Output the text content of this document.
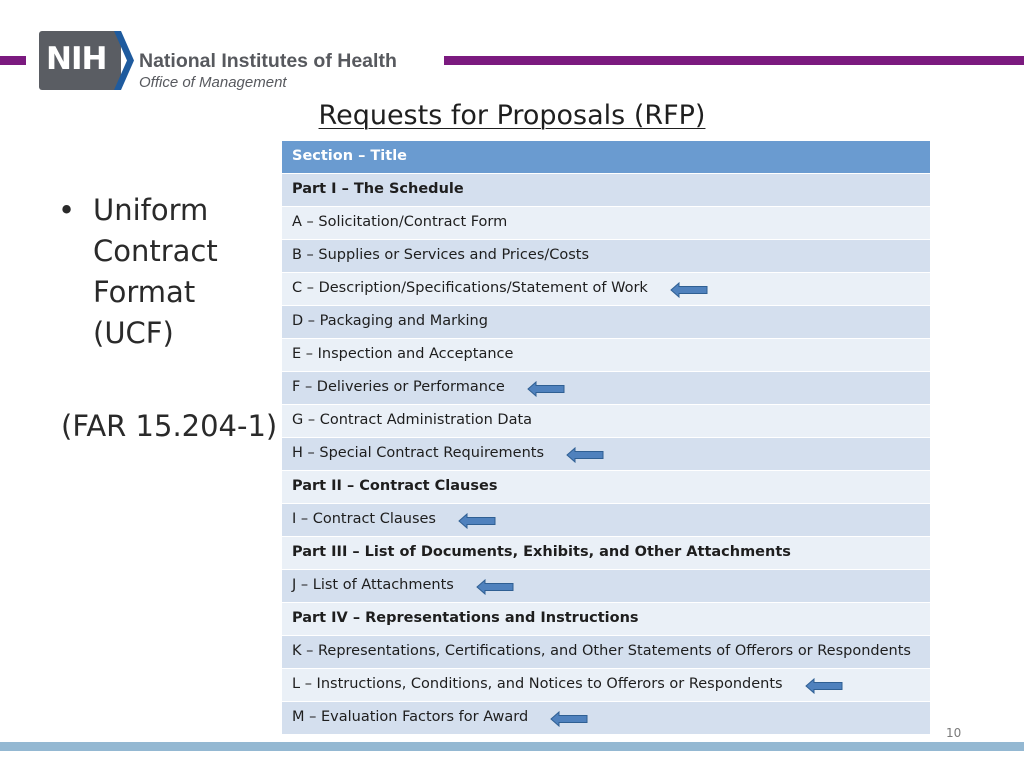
NIH	National Institutes of Health
Office of Management
Requests for Proposals (RFP)
• Uniform
Contract
Format
(UCF)
(FAR 15.204-1)
Section – Title
Part I – The Schedule
A – Solicitation/Contract Form
B – Supplies or Services and Prices/Costs
C – Description/Specifications/Statement of Work
D – Packaging and Marking
E – Inspection and Acceptance
F – Deliveries or Performance
G – Contract Administration Data
H – Special Contract Requirements
Part II – Contract Clauses
I – Contract Clauses
Part III – List of Documents, Exhibits, and Other Attachments
J – List of Attachments
Part IV – Representations and Instructions
K – Representations, Certifications, and Other Statements of Offerors or Respondents
L – Instructions, Conditions, and Notices to Offerors or Respondents
M – Evaluation Factors for Award
10
